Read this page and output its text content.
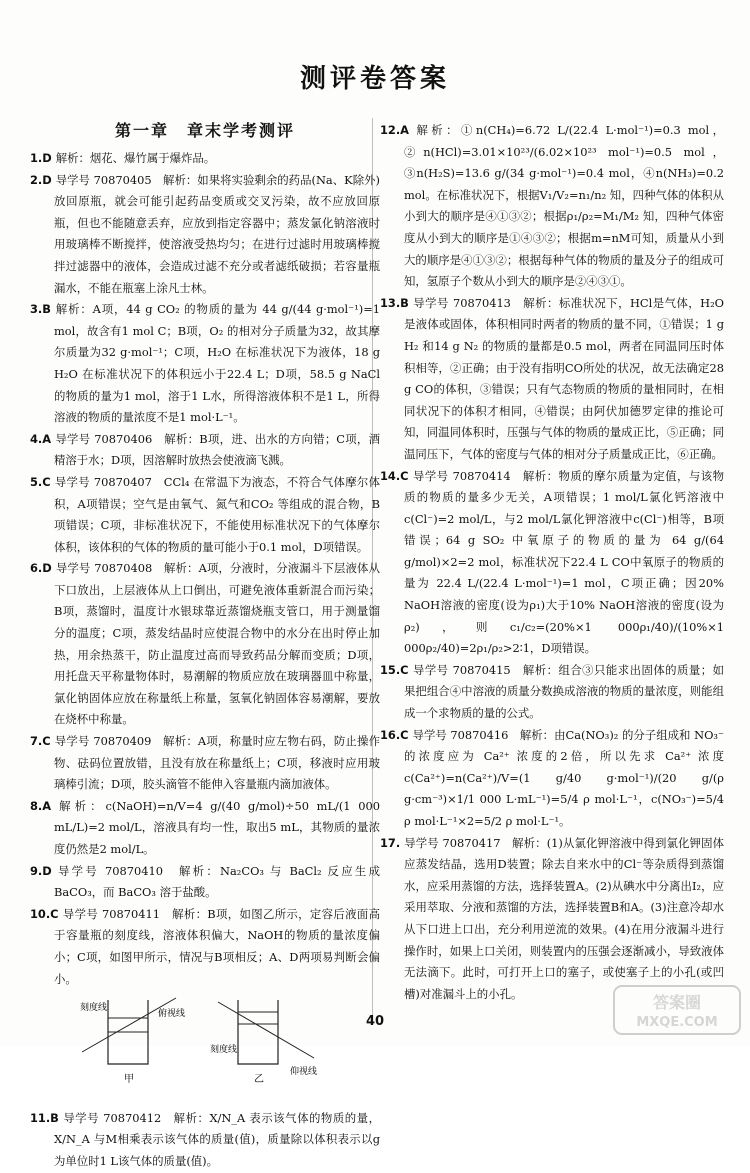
测评卷答案
第一章　章末学考测评

1.D 解析：烟花、爆竹属于爆炸品。

2.D 导学号 70870405　解析：如果将实验剩余的药品(Na、K除外)放回原瓶，就会可能引起药品变质或交叉污染，故不应放回原瓶，但也不能随意丢弃，应放到指定容器中；蒸发氯化钠溶液时用玻璃棒不断搅拌，使溶液受热均匀；在进行过滤时用玻璃棒搅拌过滤器中的液体，会造成过滤不充分或者滤纸破损；若容量瓶漏水，不能在瓶塞上涂凡士林。

3.B 解析：A项，44 g CO₂ 的物质的量为 44 g/(44 g·mol⁻¹)=1 mol，故含有1 mol C；B项，O₂ 的相对分子质量为32，故其摩尔质量为32 g·mol⁻¹；C项，H₂O 在标准状况下为液体，18 g H₂O 在标准状况下的体积远小于22.4 L；D项，58.5 g NaCl 的物质的量为1 mol，溶于1 L水，所得溶液体积不是1 L，所得溶液的物质的量浓度不是1 mol·L⁻¹。

4.A 导学号 70870406　解析：B项，进、出水的方向错；C项，酒精溶于水；D项，因溶解时放热会使液滴飞溅。

5.C 导学号 70870407　CCl₄ 在常温下为液态，不符合气体摩尔体积，A项错误；空气是由氧气、氮气和CO₂ 等组成的混合物，B项错误；C项，非标准状况下，不能使用标准状况下的气体摩尔体积，该体积的气体的物质的量可能小于0.1 mol，D项错误。

6.D 导学号 70870408　解析：A项，分液时，分液漏斗下层液体从下口放出，上层液体从上口倒出，可避免液体重新混合而污染；B项，蒸馏时，温度计水银球靠近蒸馏烧瓶支管口，用于测量馏分的温度；C项，蒸发结晶时应使混合物中的水分在出时停止加热，用余热蒸干，防止温度过高而导致药品分解而变质；D项，用托盘天平称量物体时，易潮解的物质应放在玻璃器皿中称量，氯化钠固体应放在称量纸上称量，氢氧化钠固体容易潮解，要放在烧杯中称量。

7.C 导学号 70870409　解析：A项，称量时应左物右码，防止操作物、砝码位置放错，且没有放在称量纸上；C项，移液时应用玻璃棒引流；D项，胶头滴管不能伸入容量瓶内滴加液体。

8.A 解析：c(NaOH)=n/V=4 g/(40 g/mol)÷50 mL/(1 000 mL/L)=2 mol/L，溶液具有均一性，取出5 mL，其物质的量浓度仍然是2 mol/L。

9.D 导学号 70870410　解析：Na₂CO₃ 与 BaCl₂ 反应生成 BaCO₃，而 BaCO₃ 溶于盐酸。

10.C 导学号 70870411　解析：B项，如图乙所示，定容后液面高于容量瓶的刻度线，溶液体积偏大，NaOH的物质的量浓度偏小；C项，如图甲所示，情况与B项相反；A、D两项易判断会偏小。

刻度线
俯视线
甲
刻度线
仰视线
乙

11.B 导学号 70870412　解析：X/N_A 表示该气体的物质的量，X/N_A 与M相乘表示该气体的质量(值)，质量除以体积表示以g为单位时1 L该气体的质量(值)。

12.A 解析：①n(CH₄)=6.72 L/(22.4 L·mol⁻¹)=0.3 mol，②n(HCl)=3.01×10²³/(6.02×10²³ mol⁻¹)=0.5 mol，③n(H₂S)=13.6 g/(34 g·mol⁻¹)=0.4 mol，④n(NH₃)=0.2 mol。在标准状况下，根据V₁/V₂=n₁/n₂ 知，四种气体的体积从小到大的顺序是④①③②；根据ρ₁/ρ₂=M₁/M₂ 知，四种气体密度从小到大的顺序是①④③②；根据m=nM可知，质量从小到大的顺序是④①③②；根据每种气体的物质的量及分子的组成可知，氢原子个数从小到大的顺序是②④③①。

13.B 导学号 70870413　解析：标准状况下，HCl是气体，H₂O是液体或固体，体积相同时两者的物质的量不同，①错误；1 g H₂ 和14 g N₂ 的物质的量都是0.5 mol，两者在同温同压时体积相等，②正确；由于没有指明CO所处的状况，故无法确定28 g CO的体积，③错误；只有气态物质的物质的量相同时，在相同状况下的体积才相同，④错误；由阿伏加德罗定律的推论可知，同温同体积时，压强与气体的物质的量成正比，⑤正确；同温同压下，气体的密度与气体的相对分子质量成正比，⑥正确。

14.C 导学号 70870414　解析：物质的摩尔质量为定值，与该物质的物质的量多少无关，A项错误；1 mol/L氯化钙溶液中c(Cl⁻)=2 mol/L，与2 mol/L氯化钾溶液中c(Cl⁻)相等，B项错误；64 g SO₂ 中氧原子的物质的量为 64 g/(64 g/mol)×2=2 mol，标准状况下22.4 L CO中氧原子的物质的量为 22.4 L/(22.4 L·mol⁻¹)=1 mol，C项正确；因20% NaOH溶液的密度(设为ρ₁)大于10% NaOH溶液的密度(设为ρ₂)，则c₁/c₂=(20%×1 000ρ₁/40)/(10%×1 000ρ₂/40)=2ρ₁/ρ₂>2∶1，D项错误。

15.C 导学号 70870415　解析：组合③只能求出固体的质量；如果把组合④中溶液的质量分数换成溶液的物质的量浓度，则能组成一个求物质的量的公式。

16.C 导学号 70870416　解析：由Ca(NO₃)₂ 的分子组成和 NO₃⁻ 的浓度应为 Ca²⁺ 浓度的2倍，所以先求 Ca²⁺ 浓度 c(Ca²⁺)=n(Ca²⁺)/V=(1 g/40 g·mol⁻¹)/(20 g/(ρ g·cm⁻³)×1/1 000 L·mL⁻¹)=5/4 ρ mol·L⁻¹，c(NO₃⁻)=5/4 ρ mol·L⁻¹×2=5/2 ρ mol·L⁻¹。

17. 导学号 70870417　解析：(1)从氯化钾溶液中得到氯化钾固体应蒸发结晶，选用D装置；除去自来水中的Cl⁻等杂质得到蒸馏水，应采用蒸馏的方法，选择装置A。(2)从碘水中分离出I₂，应采用萃取、分液和蒸馏的方法，选择装置B和A。(3)注意冷却水从下口进上口出，充分利用逆流的效果。(4)在用分液漏斗进行操作时，如果上口关闭，则装置内的压强会逐渐减小，导致液体无法滴下。此时，可打开上口的塞子，或使塞子上的小孔(或凹槽)对准漏斗上的小孔。

40
答案圈
MXQE.COM
